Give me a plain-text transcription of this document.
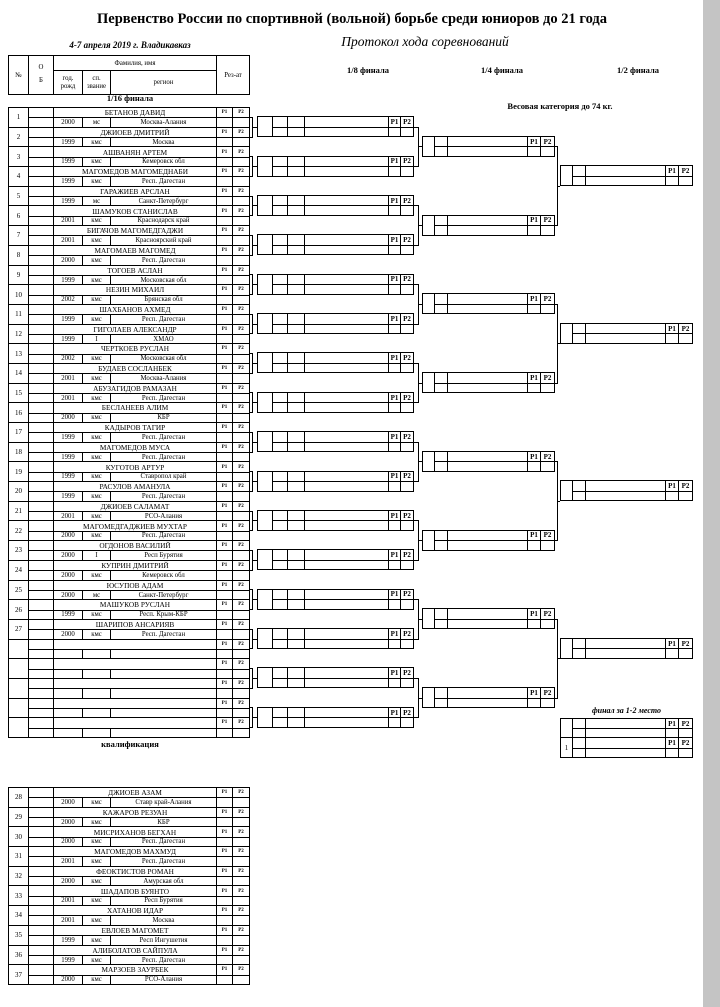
Первенство России по спортивной (вольной) борьбе среди юниоров до 21 года
4-7 апреля 2019 г. Владикавказ	Протокол хода соревнований
1/8 финала	1/4 финала	1/2 финала
1/16 финала
Весовая категория до 74 кг.
квалификация
финал за 1-2 место
№
О
Б
Фамилия, имя
Рез-ат
год.
рожд
сп.
звание	регион
1
БЕТАНОВ ДАВИД	P1	P2
2000	мс	Москва-Алания
2
ДЖИОЕВ ДМИТРИЙ	P1	P2
1999	кмс	Москва
3
АШВАНЯН АРТЕМ	P1	P2
1999	кмс	Кемеровск обл
4
МАГОМЕДОВ МАГОМЕДНАБИ	P1	P2
1999	кмс	Респ. Дагестан
5
ГАРАЖИЕВ АРСЛАН	P1	P2
1999	мс	Санкт-Петербург
6
ШАМУКОВ СТАНИСЛАВ	P1	P2
2001	кмс	Краснодарск край
7
БИГАЧОВ МАГОМЕДГАДЖИ	P1	P2
2001	кмс	Красноярский край
8
МАГОМАЕВ МАГОМЕД	P1	P2
2000	кмс	Респ. Дагестан
9
ТОГОЕВ АСЛАН	P1	P2
1999	кмс	Московская обл
10
НЕЗИН МИХАИЛ	P1	P2
2002	кмс	Брянская обл
11
ШАХБАНОВ АХМЕД	P1	P2
1999	кмс	Респ. Дагестан
12
ГИГОЛАЕВ АЛЕКСАНДР	P1	P2
1999	I	ХМАО
13
ЧЕРТКОЕВ РУСЛАН	P1	P2
2002	кмс	Московская обл
14
БУДАЕВ СОСЛАНБЕК	P1	P2
2001	кмс	Москва-Алания
15
АБУЗАГИДОВ РАМАЗАН	P1	P2
2001	кмс	Респ. Дагестан
16
БЕСЛАНЕЕВ АЛИМ	P1	P2
2000	кмс	КБР
17
КАДЫРОВ ТАГИР	P1	P2
1999	кмс	Респ. Дагестан
18
МАГОМЕДОВ МУСА	P1	P2
1999	кмс	Респ. Дагестан
19
КУГОТОВ АРТУР	P1	P2
1999	кмс	Ставропол край
20
РАСУЛОВ АМАНУЛА	P1	P2
1999	кмс	Респ. Дагестан
21
ДЖИОЕВ САЛАМАТ	P1	P2
2001	кмс	РСО-Алания
22
МАГОМЕДГАДЖИЕВ МУХТАР	P1	P2
2000	кмс	Респ. Дагестан
23
ОГДОНОВ ВАСИЛИЙ	P1	P2
2000	I	Респ Бурятия
24
КУПРИН ДМИТРИЙ	P1	P2
2000	кмс	Кемеровск обл
25
ЮСУПОВ АДАМ	P1	P2
2000	мс	Санкт-Петербург
26
МАШУКОВ РУСЛАН	P1	P2
1999	кмс	Респ. Крым-КБР
27
ШАРИПОВ АНСАРИЯВ	P1	P2
2000	кмс	Респ. Дагестан
P1	P2
P1	P2
P1	P2
P1	P2
P1	P2
28
ДЖИОЕВ АЗАМ	P1	P2
2000	кмс	Ставр край-Алания
29
КАЖАРОВ РЕЗУАН	P1	P2
2000	кмс	КБР
30
МИСРИХАНОВ БЕГХАН	P1	P2
2000	кмс	Респ. Дагестан
31
МАГОМЕДОВ МАХМУД	P1	P2
2001	кмс	Респ. Дагестан
32
ФЕОКТИСТОВ РОМАН	P1	P2
2000	кмс	Амурская обл
33
ШАДАПОВ БУЯНТО	P1	P2
2001	кмс	Респ Бурятия
34
ХАТАНОВ ИДАР	P1	P2
2001	кмс	Москва
35
ЕВЛОЕВ МАГОМЕТ	P1	P2
1999	кмс	Респ Ингушетия
36
АЛИБОЛАТОВ САЙПУЛА	P1	P2
1999	кмс	Респ. Дагестан
37
МАРЗОЕВ ЗАУРБЕК	P1	P2
2000	кмс	РСО-Алания
P1 P2
P1 P2
P1 P2
P1 P2
P1 P2
P1 P2
P1 P2
P1 P2
P1 P2
P1 P2
P1 P2
P1 P2
P1 P2
P1 P2
P1 P2
P1 P2
P1 P2
P1 P2
P1 P2
P1 P2
P1 P2
P1 P2
P1 P2
P1 P2
P1 P2
P1 P2
P1 P2
P1 P2
P1 P2
1
P1 P2
